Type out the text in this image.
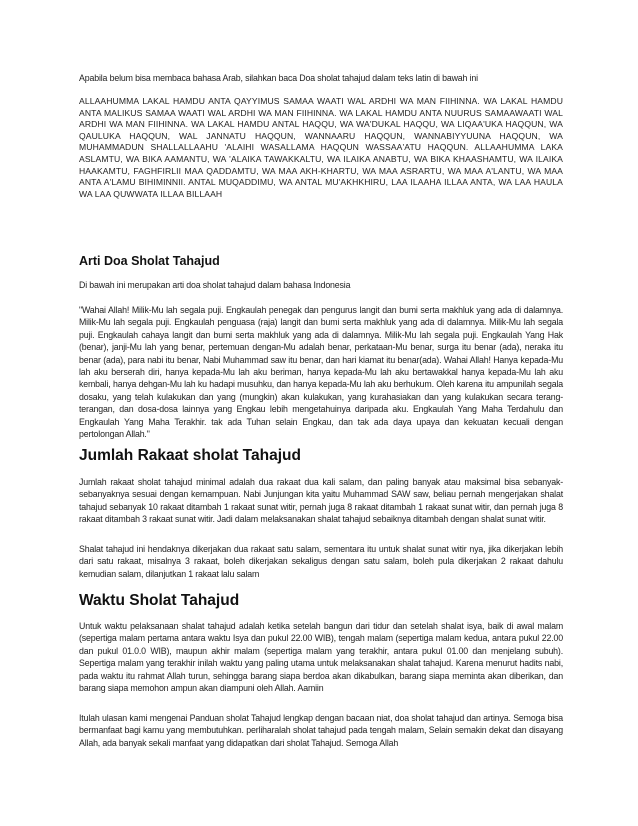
Apabila belum bisa membaca bahasa Arab, silahkan baca Doa sholat tahajud dalam teks latin di bawah ini

ALLAAHUMMA LAKAL HAMDU ANTA QAYYIMUS SAMAA WAATI WAL ARDHI WA MAN FIIHINNA. WA LAKAL HAMDU ANTA MALIKUS SAMAA WAATI WAL ARDHI WA MAN FIIHINNA. WA LAKAL HAMDU ANTA NUURUS SAMAAWAATI WAL ARDHI WA MAN FIIHINNA. WA LAKAL HAMDU ANTAL HAQQU, WA WA'DUKAL HAQQU, WA LIQAA'UKA HAQQUN, WA QAULUKA HAQQUN, WAL JANNATU HAQQUN, WANNAARU HAQQUN, WANNABIYYUUNA HAQQUN, WA MUHAMMADUN SHALLALLAAHU 'ALAIHI WASALLAMA HAQQUN WASSAA'ATU HAQQUN. ALLAAHUMMA LAKA ASLAMTU, WA BIKA AAMANTU, WA 'ALAIKA TAWAKKALTU, WA ILAIKA ANABTU, WA BIKA KHAASHAMTU, WA ILAIKA HAAKAMTU, FAGHFIRLII MAA QADDAMTU, WA MAA AKH-KHARTU, WA MAA ASRARTU, WA MAA A'LANTU, WA MAA ANTA A'LAMU BIHIMINNII. ANTAL MUQADDIMU, WA ANTAL MU'AKHKHIRU, LAA ILAAHA ILLAA ANTA, WA LAA HAULA WA LAA QUWWATA ILLAA BILLAAH

Arti Doa Sholat Tahajud

Di bawah ini merupakan arti doa sholat tahajud dalam bahasa Indonesia

"Wahai Allah! Milik-Mu lah segala puji. Engkaulah penegak dan pengurus langit dan bumi serta makhluk yang ada di dalamnya. Milik-Mu lah segala puji. Engkaulah penguasa (raja) langit dan bumi serta makhluk yang ada di dalamnya. Milik-Mu lah segala puji. Engkaulah cahaya langit dan bumi serta makhluk yang ada di dalamnya. Milik-Mu lah segala puji. Engkaulah Yang Hak (benar), janji-Mu lah yang benar, pertemuan dengan-Mu adalah benar, perkataan-Mu benar, surga itu benar (ada), neraka itu benar (ada), para nabi itu benar, Nabi Muhammad saw itu benar, dan hari kiamat itu benar(ada). Wahai Allah! Hanya kepada-Mu lah aku berserah diri, hanya kepada-Mu lah aku beriman, hanya kepada-Mu lah aku bertawakkal hanya kepada-Mu lah aku kembali, hanya dehgan-Mu lah ku hadapi musuhku, dan hanya kepada-Mu lah aku berhukum. Oleh karena itu ampunilah segala dosaku, yang telah kulakukan dan yang (mungkin) akan kulakukan, yang kurahasiakan dan yang kulakukan secara terang-terangan, dan dosa-dosa lainnya yang Engkau lebih mengetahuinya daripada aku. Engkaulah Yang Maha Terdahulu dan Engkaulah Yang Maha Terakhir. tak ada Tuhan selain Engkau, dan tak ada daya upaya dan kekuatan kecuali dengan pertolongan Allah."

Jumlah Rakaat sholat Tahajud

Jumlah rakaat sholat tahajud minimal adalah dua rakaat dua kali salam, dan paling banyak atau maksimal bisa sebanyak-sebanyaknya sesuai dengan kemampuan. Nabi Junjungan kita yaitu Muhammad SAW saw, beliau pernah mengerjakan shalat tahajud sebanyak 10 rakaat ditambah 1 rakaat sunat witir, pernah juga 8 rakaat ditambah 1 rakaat sunat witir, dan pernah juga 8 rakaat ditambah 3 rakaat sunat witir. Jadi dalam melaksanakan shalat tahajud sebaiknya ditambah dengan shalat sunat witir.

Shalat tahajud ini hendaknya dikerjakan dua rakaat satu salam, sementara itu untuk shalat sunat witir nya, jika dikerjakan lebih dari satu rakaat, misalnya 3 rakaat, boleh dikerjakan sekaligus dengan satu salam, boleh pula dikerjakan 2 rakaat dahulu kemudian salam, dilanjutkan 1 rakaat lalu salam

Waktu Sholat Tahajud

Untuk waktu pelaksanaan shalat tahajud adalah ketika setelah bangun dari tidur dan setelah shalat isya, baik di awal malam (sepertiga malam pertama antara waktu Isya dan pukul 22.00 WIB), tengah malam (sepertiga malam kedua, antara pukul 22.00 dan pukul 01.0.0 WIB), maupun akhir malam (sepertiga malam yang terakhir, antara pukul 01.00 dan menjelang subuh). Sepertiga malam yang terakhir inilah waktu yang paling utama untuk melaksanakan shalat tahajud. Karena menurut hadits nabi, pada waktu itu rahmat Allah turun, sehingga barang siapa berdoa akan dikabulkan, barang siapa meminta akan diberikan, dan barang siapa memohon ampun akan diampuni oleh Allah. Aamiin

Itulah ulasan kami mengenai Panduan sholat Tahajud lengkap dengan bacaan niat, doa sholat tahajud dan artinya. Semoga bisa bermanfaat bagi kamu yang membutuhkan. perliharalah sholat tahajud pada tengah malam, Selain semakin dekat dan disayang Allah, ada banyak sekali manfaat yang didapatkan dari sholat Tahajud. Semoga Allah
